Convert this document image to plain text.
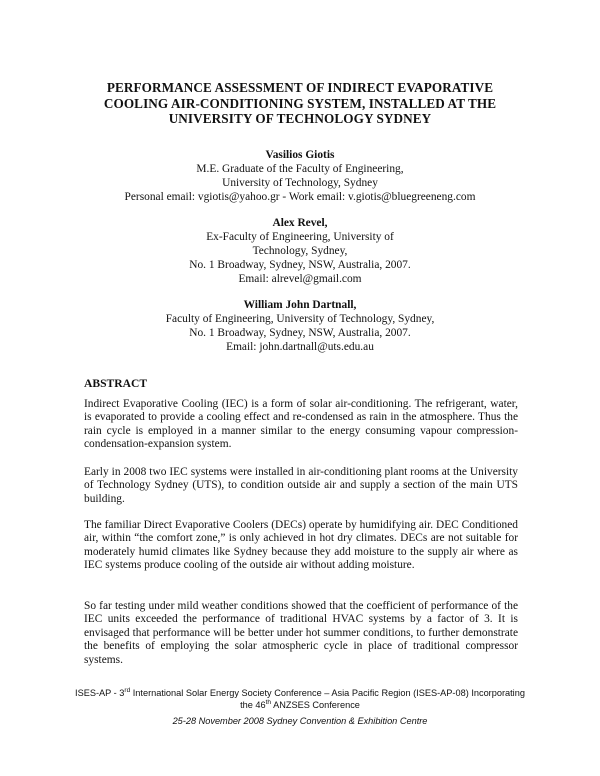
PERFORMANCE ASSESSMENT OF INDIRECT EVAPORATIVE
COOLING AIR-CONDITIONING SYSTEM, INSTALLED AT THE
UNIVERSITY OF TECHNOLOGY SYDNEY
Vasilios Giotis
M.E. Graduate of the Faculty of Engineering,
University of Technology, Sydney
Personal email: vgiotis@yahoo.gr - Work email: v.giotis@bluegreeneng.com
Alex Revel,
Ex-Faculty of Engineering, University of
Technology, Sydney,
No. 1 Broadway, Sydney, NSW, Australia, 2007.
Email: alrevel@gmail.com
William John Dartnall,
Faculty of Engineering, University of Technology, Sydney,
No. 1 Broadway, Sydney, NSW, Australia, 2007.
Email: john.dartnall@uts.edu.au
ABSTRACT
Indirect Evaporative Cooling (IEC) is a form of solar air-conditioning. The refrigerant, water, is evaporated to provide a cooling effect and re-condensed as rain in the atmosphere. Thus the rain cycle is employed in a manner similar to the energy consuming vapour compression-condensation-expansion system.
Early in 2008 two IEC systems were installed in air-conditioning plant rooms at the University of Technology Sydney (UTS), to condition outside air and supply a section of the main UTS building.
The familiar Direct Evaporative Coolers (DECs) operate by humidifying air. DEC Conditioned air, within “the comfort zone,” is only achieved in hot dry climates. DECs are not suitable for moderately humid climates like Sydney because they add moisture to the supply air where as IEC systems produce cooling of the outside air without adding moisture.
So far testing under mild weather conditions showed that the coefficient of performance of the IEC units exceeded the performance of traditional HVAC systems by a factor of 3. It is envisaged that performance will be better under hot summer conditions, to further demonstrate the benefits of employing the solar atmospheric cycle in place of traditional compressor systems.
ISES-AP - 3rd International Solar Energy Society Conference – Asia Pacific Region (ISES-AP-08) Incorporating
the 46th ANZSES Conference
25-28 November 2008 Sydney Convention & Exhibition Centre
